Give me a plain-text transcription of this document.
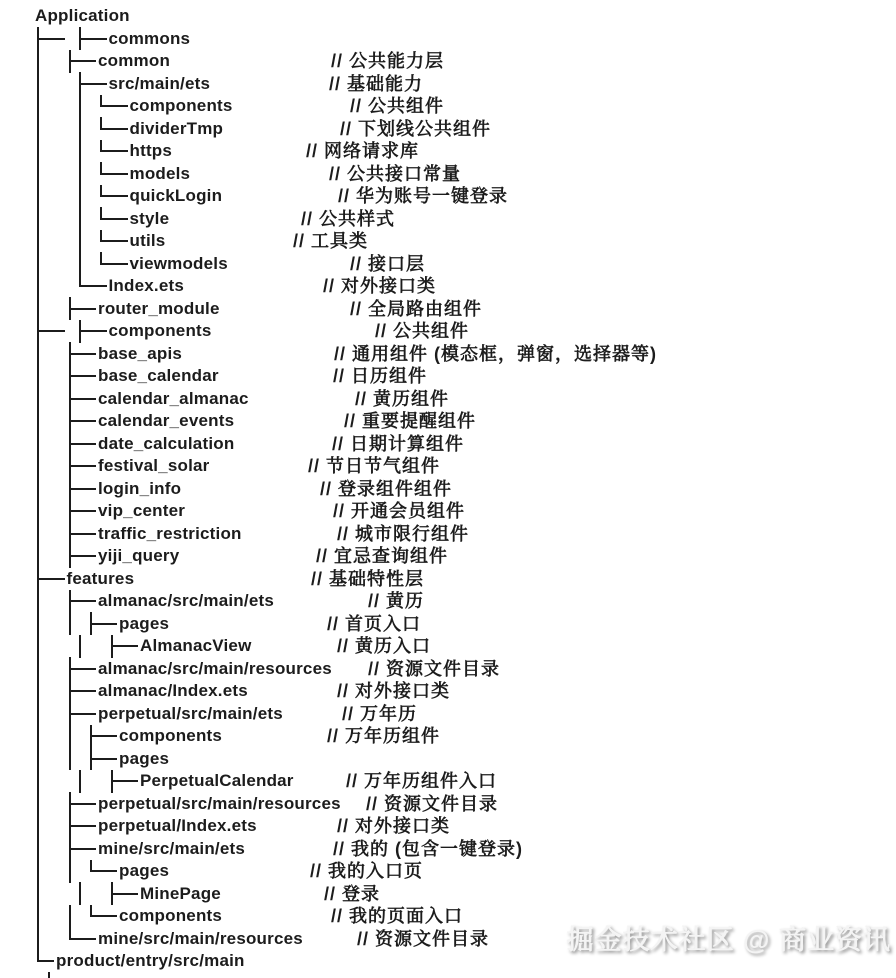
Application
commons
common	// 公共能力层
src/main/ets	// 基础能力
components	// 公共组件
dividerTmp	// 下划线公共组件
https	// 网络请求库
models	// 公共接口常量
quickLogin	// 华为账号一键登录
style	// 公共样式
utils	// 工具类
viewmodels	// 接口层
Index.ets	// 对外接口类
router_module	// 全局路由组件
components	// 公共组件
base_apis	// 通用组件 (模态框，弹窗，选择器等)
base_calendar	// 日历组件
calendar_almanac	// 黄历组件
calendar_events	// 重要提醒组件
date_calculation	// 日期计算组件
festival_solar	// 节日节气组件
login_info	// 登录组件组件
vip_center	// 开通会员组件
traffic_restriction	// 城市限行组件
yiji_query	// 宜忌查询组件
features	// 基础特性层
almanac/src/main/ets	// 黄历
pages	// 首页入口
AlmanacView	// 黄历入口
almanac/src/main/resources // 资源文件目录
almanac/Index.ets	// 对外接口类
perpetual/src/main/ets	// 万年历
components	// 万年历组件
pages
PerpetualCalendar	// 万年历组件入口
perpetual/src/main/resources // 资源文件目录
perpetual/Index.ets	// 对外接口类
mine/src/main/ets	// 我的 (包含一键登录)
pages	// 我的入口页
MinePage	// 登录
components	// 我的页面入口
mine/src/main/resources	// 资源文件目录
product/entry/src/main
掘金技术社区 @ 商业资讯
